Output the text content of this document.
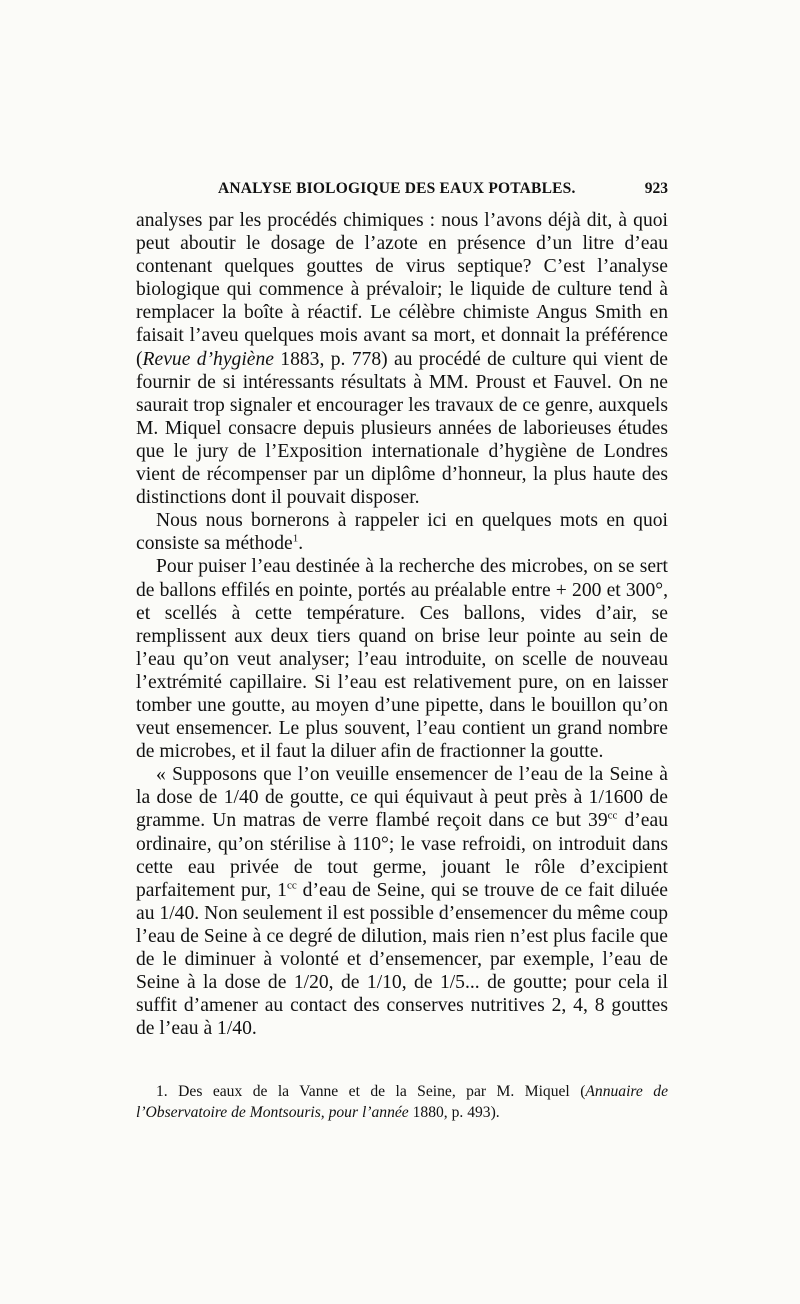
ANALYSE BIOLOGIQUE DES EAUX POTABLES.	923

analyses par les procédés chimiques : nous l’avons déjà dit, à quoi peut aboutir le dosage de l’azote en présence d’un litre d’eau contenant quelques gouttes de virus septique? C’est l’analyse biologique qui commence à prévaloir; le liquide de culture tend à remplacer la boîte à réactif. Le célèbre chimiste Angus Smith en faisait l’aveu quelques mois avant sa mort, et donnait la préférence (Revue d’hygiène 1883, p. 778) au procédé de culture qui vient de fournir de si intéressants résultats à MM. Proust et Fauvel. On ne saurait trop signaler et encourager les travaux de ce genre, auxquels M. Miquel consacre depuis plusieurs années de laborieuses études que le jury de l’Exposition internationale d’hygiène de Londres vient de récompenser par un diplôme d’honneur, la plus haute des distinctions dont il pouvait disposer.

Nous nous bornerons à rappeler ici en quelques mots en quoi consiste sa méthode$^1$.

Pour puiser l’eau destinée à la recherche des microbes, on se sert de ballons effilés en pointe, portés au préalable entre + 200 et 300°, et scellés à cette température. Ces ballons, vides d’air, se remplissent aux deux tiers quand on brise leur pointe au sein de l’eau qu’on veut analyser; l’eau introduite, on scelle de nouveau l’extrémité capillaire. Si l’eau est relativement pure, on en laisser tomber une goutte, au moyen d’une pipette, dans le bouillon qu’on veut ensemencer. Le plus souvent, l’eau contient un grand nombre de microbes, et il faut la diluer afin de fractionner la goutte.

« Supposons que l’on veuille ensemencer de l’eau de la Seine à la dose de 1/40 de goutte, ce qui équivaut à peut près à 1/1600 de gramme. Un matras de verre flambé reçoit dans ce but $39^{cc}$ d’eau ordinaire, qu’on stérilise à 110°; le vase refroidi, on introduit dans cette eau privée de tout germe, jouant le rôle d’excipient parfaitement pur, $1^{cc}$ d’eau de Seine, qui se trouve de ce fait diluée au 1/40. Non seulement il est possible d’ensemencer du même coup l’eau de Seine à ce degré de dilution, mais rien n’est plus facile que de le diminuer à volonté et d’ensemencer, par exemple, l’eau de Seine à la dose de 1/20, de 1/10, de 1/5... de goutte; pour cela il suffit d’amener au contact des conserves nutritives 2, 4, 8 gouttes de l’eau à 1/40.

1. Des eaux de la Vanne et de la Seine, par M. Miquel (Annuaire de l’Observatoire de Montsouris, pour l’année 1880, p. 493).
